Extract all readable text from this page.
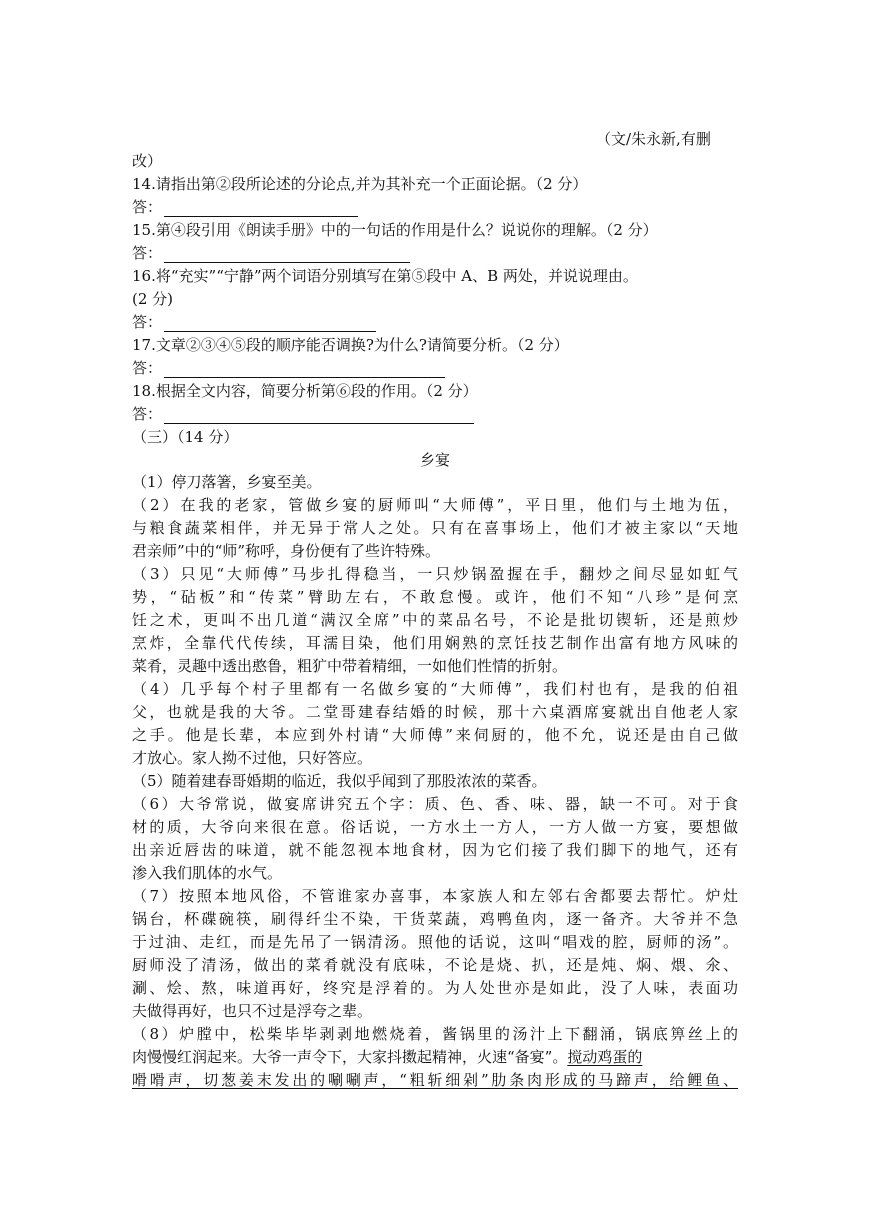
（文/朱永新,有删
改）
14.请指出第②段所论述的分论点,并为其补充一个正面论据。（2 分）
答：
15.第④段引用《朗读手册》中的一句话的作用是什么？说说你的理解。（2 分）
答：
16.将“充实”“宁静”两个词语分别填写在第⑤段中 A、B 两处，并说说理由。
(2 分)
答：
17.文章②③④⑤段的顺序能否调换?为什么?请简要分析。（2 分）
答：
18.根据全文内容，简要分析第⑥段的作用。（2 分）
答：
（三）（14 分）
乡宴
（1）停刀落箸，乡宴至美。
（2）在我的老家，管做乡宴的厨师叫“大师傅”，平日里，他们与土地为伍，
与粮食蔬菜相伴，并无异于常人之处。只有在喜事场上，他们才被主家以“天地
君亲师”中的“师”称呼，身份便有了些许特殊。
（3）只见“大师傅”马步扎得稳当，一只炒锅盈握在手，翻炒之间尽显如虹气
势，“砧板”和“传菜”臂助左右，不敢怠慢。或许，他们不知“八珍”是何烹
饪之术，更叫不出几道“满汉全席”中的菜品名号，不论是批切锲斩，还是煎炒
烹炸，全靠代代传续，耳濡目染，他们用娴熟的烹饪技艺制作出富有地方风味的
菜肴，灵趣中透出憨鲁，粗犷中带着精细，一如他们性情的折射。
（4）几乎每个村子里都有一名做乡宴的“大师傅”，我们村也有，是我的伯祖
父，也就是我的大爷。二堂哥建春结婚的时候，那十六桌酒席宴就出自他老人家
之手。他是长辈，本应到外村请“大师傅”来伺厨的，他不允，说还是由自己做
才放心。家人拗不过他，只好答应。
（5）随着建春哥婚期的临近，我似乎闻到了那股浓浓的菜香。
（6）大爷常说，做宴席讲究五个字：质、色、香、味、器，缺一不可。对于食
材的质，大爷向来很在意。俗话说，一方水土一方人，一方人做一方宴，要想做
出亲近唇齿的味道，就不能忽视本地食材，因为它们接了我们脚下的地气，还有
渗入我们肌体的水气。
（7）按照本地风俗，不管谁家办喜事，本家族人和左邻右舍都要去帮忙。炉灶
锅台，杯碟碗筷，刷得纤尘不染，干货菜蔬，鸡鸭鱼肉，逐一备齐。大爷并不急
于过油、走红，而是先吊了一锅清汤。照他的话说，这叫“唱戏的腔，厨师的汤”。
厨师没了清汤，做出的菜肴就没有底味，不论是烧、扒，还是炖、焖、煨、氽、
涮、烩、熬，味道再好，终究是浮着的。为人处世亦是如此，没了人味，表面功
夫做得再好，也只不过是浮夸之辈。
（8）炉膛中，松柴毕毕剥剥地燃烧着，酱锅里的汤汁上下翻涌，锅底箅丝上的
肉慢慢红润起来。大爷一声令下，大家抖擞起精神，火速“备宴”。搅动鸡蛋的
嗗嗗声，切葱姜末发出的唰唰声，“粗斩细剁”肋条肉形成的马蹄声，给鲤鱼、
